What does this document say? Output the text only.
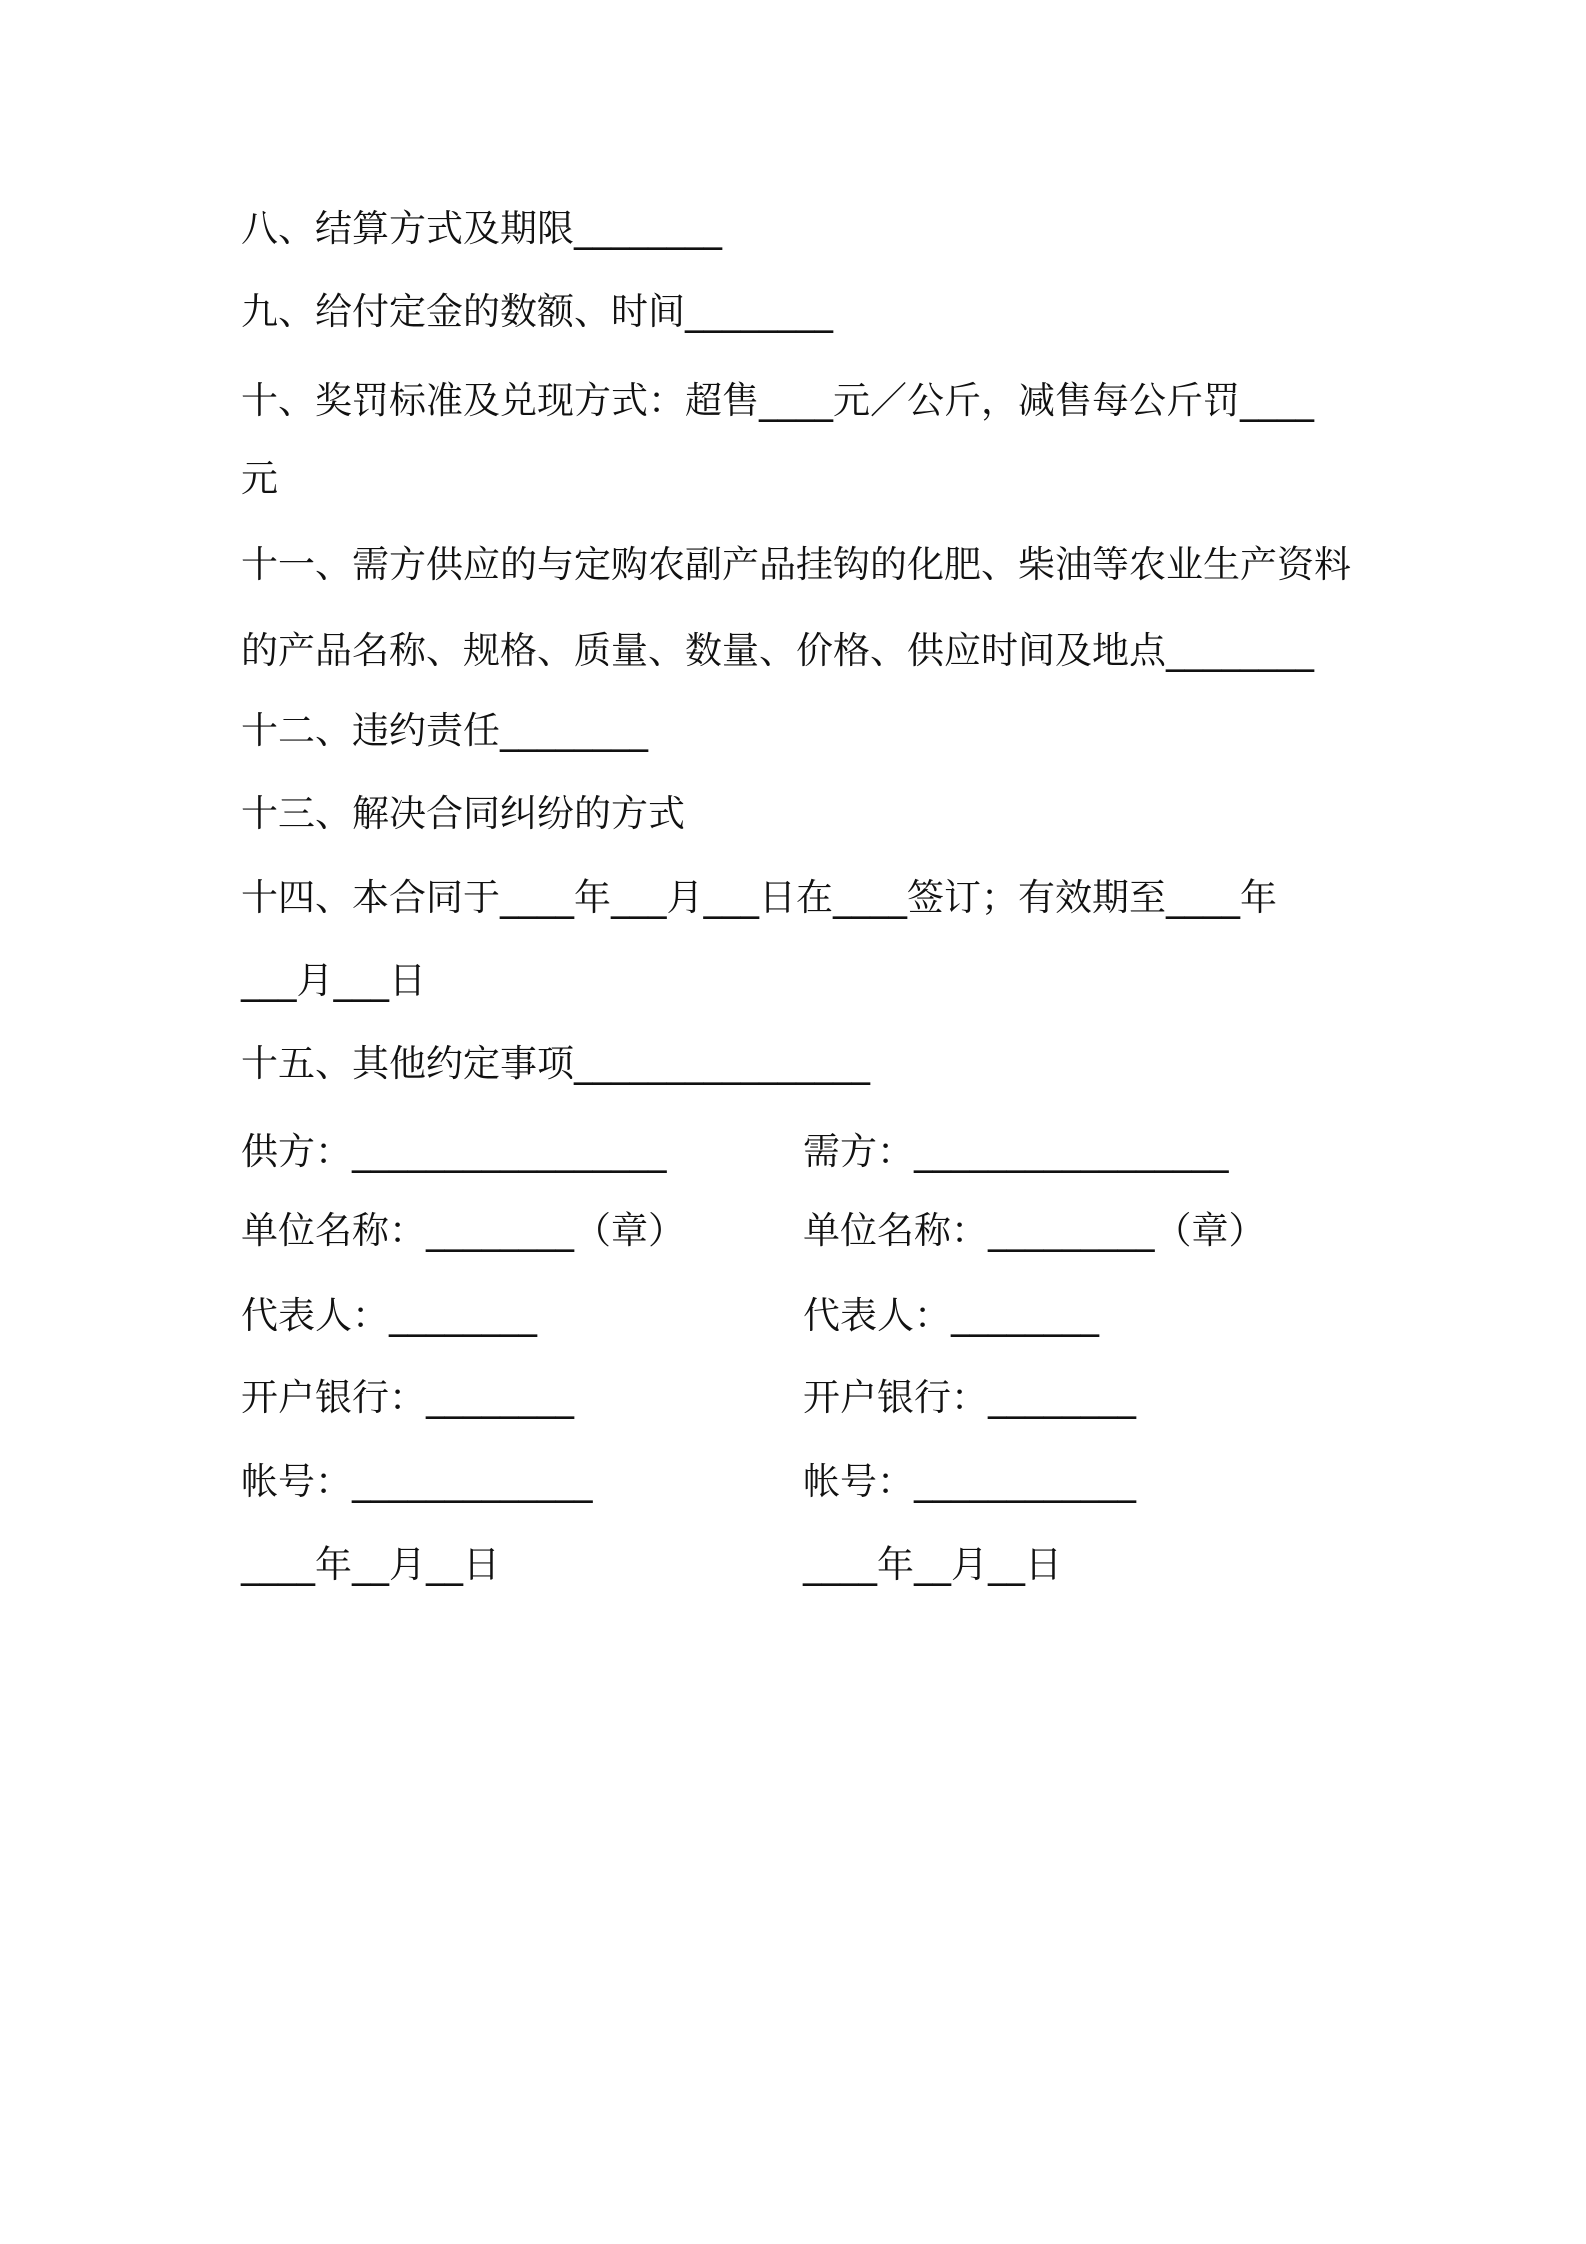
八、结算方式及期限________

九、给付定金的数额、时间________

十、奖罚标准及兑现方式：超售____元／公斤，减售每公斤罚____

元

十一、需方供应的与定购农副产品挂钩的化肥、柴油等农业生产资料

的产品名称、规格、质量、数量、价格、供应时间及地点________

十二、违约责任________

十三、解决合同纠纷的方式

十四、本合同于____年___月___日在____签订；有效期至____年

___月___日

十五、其他约定事项________________

供方：_________________	需方：_________________

单位名称：________（章）	单位名称：_________（章）

代表人：________	代表人：________

开户银行：________	开户银行：________

帐号：_____________	帐号：____________

____年__月__日	____年__月__日
